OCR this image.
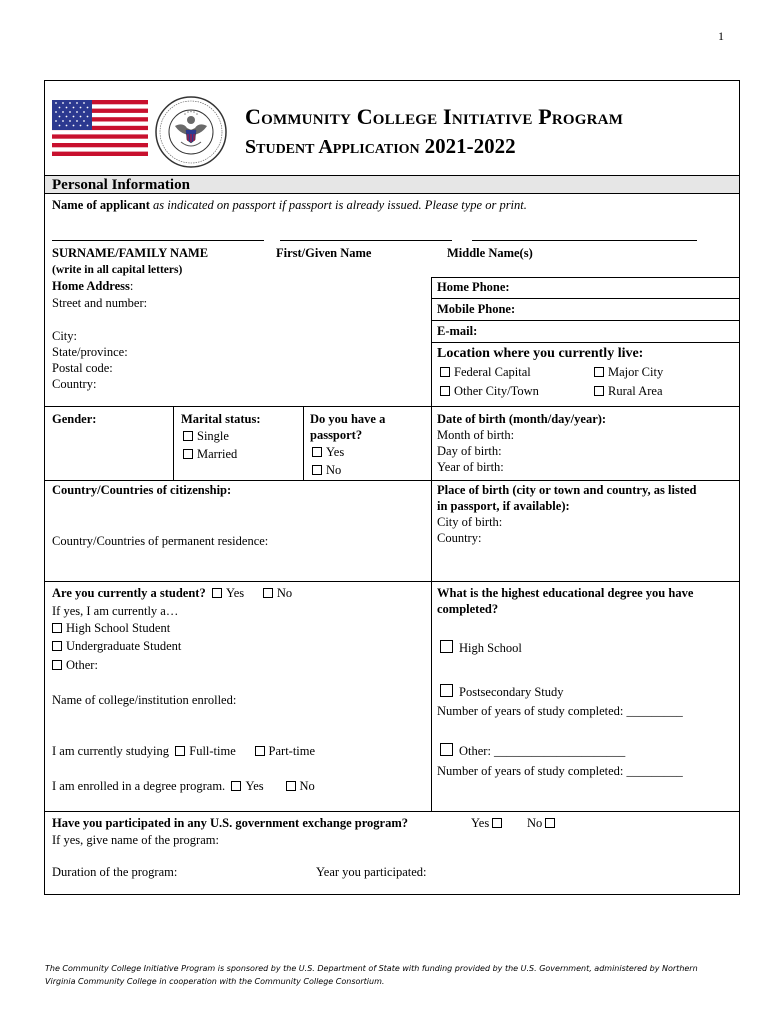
1
Community College Initiative Program
Student Application 2021-2022
Personal Information
Name of applicant as indicated on passport if passport is already issued. Please type or print.
SURNAME/FAMILY NAME
(write in all capital letters)
First/Given Name	Middle Name(s)
Home Address:
Street and number:
City:
State/province:
Postal code:
Country:
Home Phone:
Mobile Phone:
E-mail:
Location where you currently live:
Federal Capital	Major City
Other City/Town	Rural Area
Gender:	Marital status:
Single
Married
Do you have a
passport?
Yes
No
Date of birth (month/day/year):
Month of birth:
Day of birth:
Year of birth:
Country/Countries of citizenship:
Country/Countries of permanent residence:
Place of birth (city or town and country, as listed
in passport, if available):
City of birth:
Country:
Are you currently a student? Yes	No
If yes, I am currently a…
High School Student
Undergraduate Student
Other:
Name of college/institution enrolled:
I am currently studying Full-time	Part-time
I am enrolled in a degree program. Yes	No
What is the highest educational degree you have
completed?
High School
Postsecondary Study
Number of years of study completed: _________
Other: _____________________
Number of years of study completed: _________
Have you participated in any U.S. government exchange program?	Yes	No
If yes, give name of the program:
Duration of the program:	Year you participated:
The Community College Initiative Program is sponsored by the U.S. Department of State with funding provided by the U.S. Government, administered by Northern
Virginia Community College in cooperation with the Community College Consortium.
